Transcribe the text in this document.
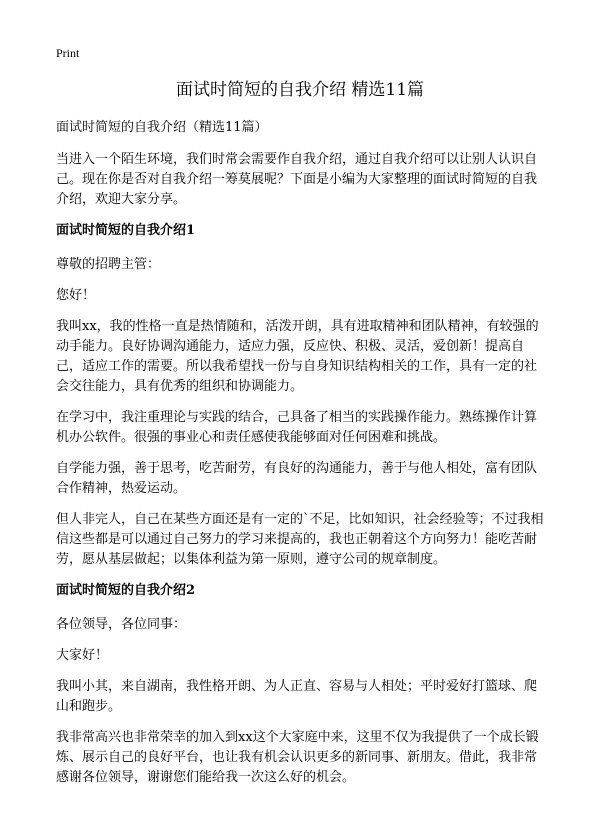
Print
面试时简短的自我介绍 精选11篇

面试时简短的自我介绍（精选11篇）

当进入一个陌生环境，我们时常会需要作自我介绍，通过自我介绍可以让别人认识自己。现在你是否对自我介绍一筹莫展呢？下面是小编为大家整理的面试时简短的自我介绍，欢迎大家分享。

面试时简短的自我介绍1

尊敬的招聘主管：

您好！

我叫xx，我的性格一直是热情随和，活泼开朗，具有进取精神和团队精神，有较强的动手能力。良好协调沟通能力，适应力强，反应快、积极、灵活，爱创新！提高自己，适应工作的需要。所以我希望找一份与自身知识结构相关的工作，具有一定的社会交往能力，具有优秀的组织和协调能力。

在学习中，我注重理论与实践的结合，己具备了相当的实践操作能力。熟练操作计算机办公软件。很强的事业心和责任感使我能够面对任何困难和挑战。

自学能力强，善于思考，吃苦耐劳，有良好的沟通能力，善于与他人相处，富有团队合作精神，热爱运动。

但人非完人，自己在某些方面还是有一定的`不足，比如知识，社会经验等；不过我相信这些都是可以通过自己努力的学习来提高的，我也正朝着这个方向努力！能吃苦耐劳，愿从基层做起；以集体利益为第一原则，遵守公司的规章制度。

面试时简短的自我介绍2

各位领导，各位同事：

大家好！

我叫小其，来自湖南，我性格开朗、为人正直、容易与人相处；平时爱好打篮球、爬山和跑步。

我非常高兴也非常荣幸的加入到xx这个大家庭中来，这里不仅为我提供了一个成长锻炼、展示自己的良好平台，也让我有机会认识更多的新同事、新朋友。借此，我非常感谢各位领导，谢谢您们能给我一次这么好的机会。
